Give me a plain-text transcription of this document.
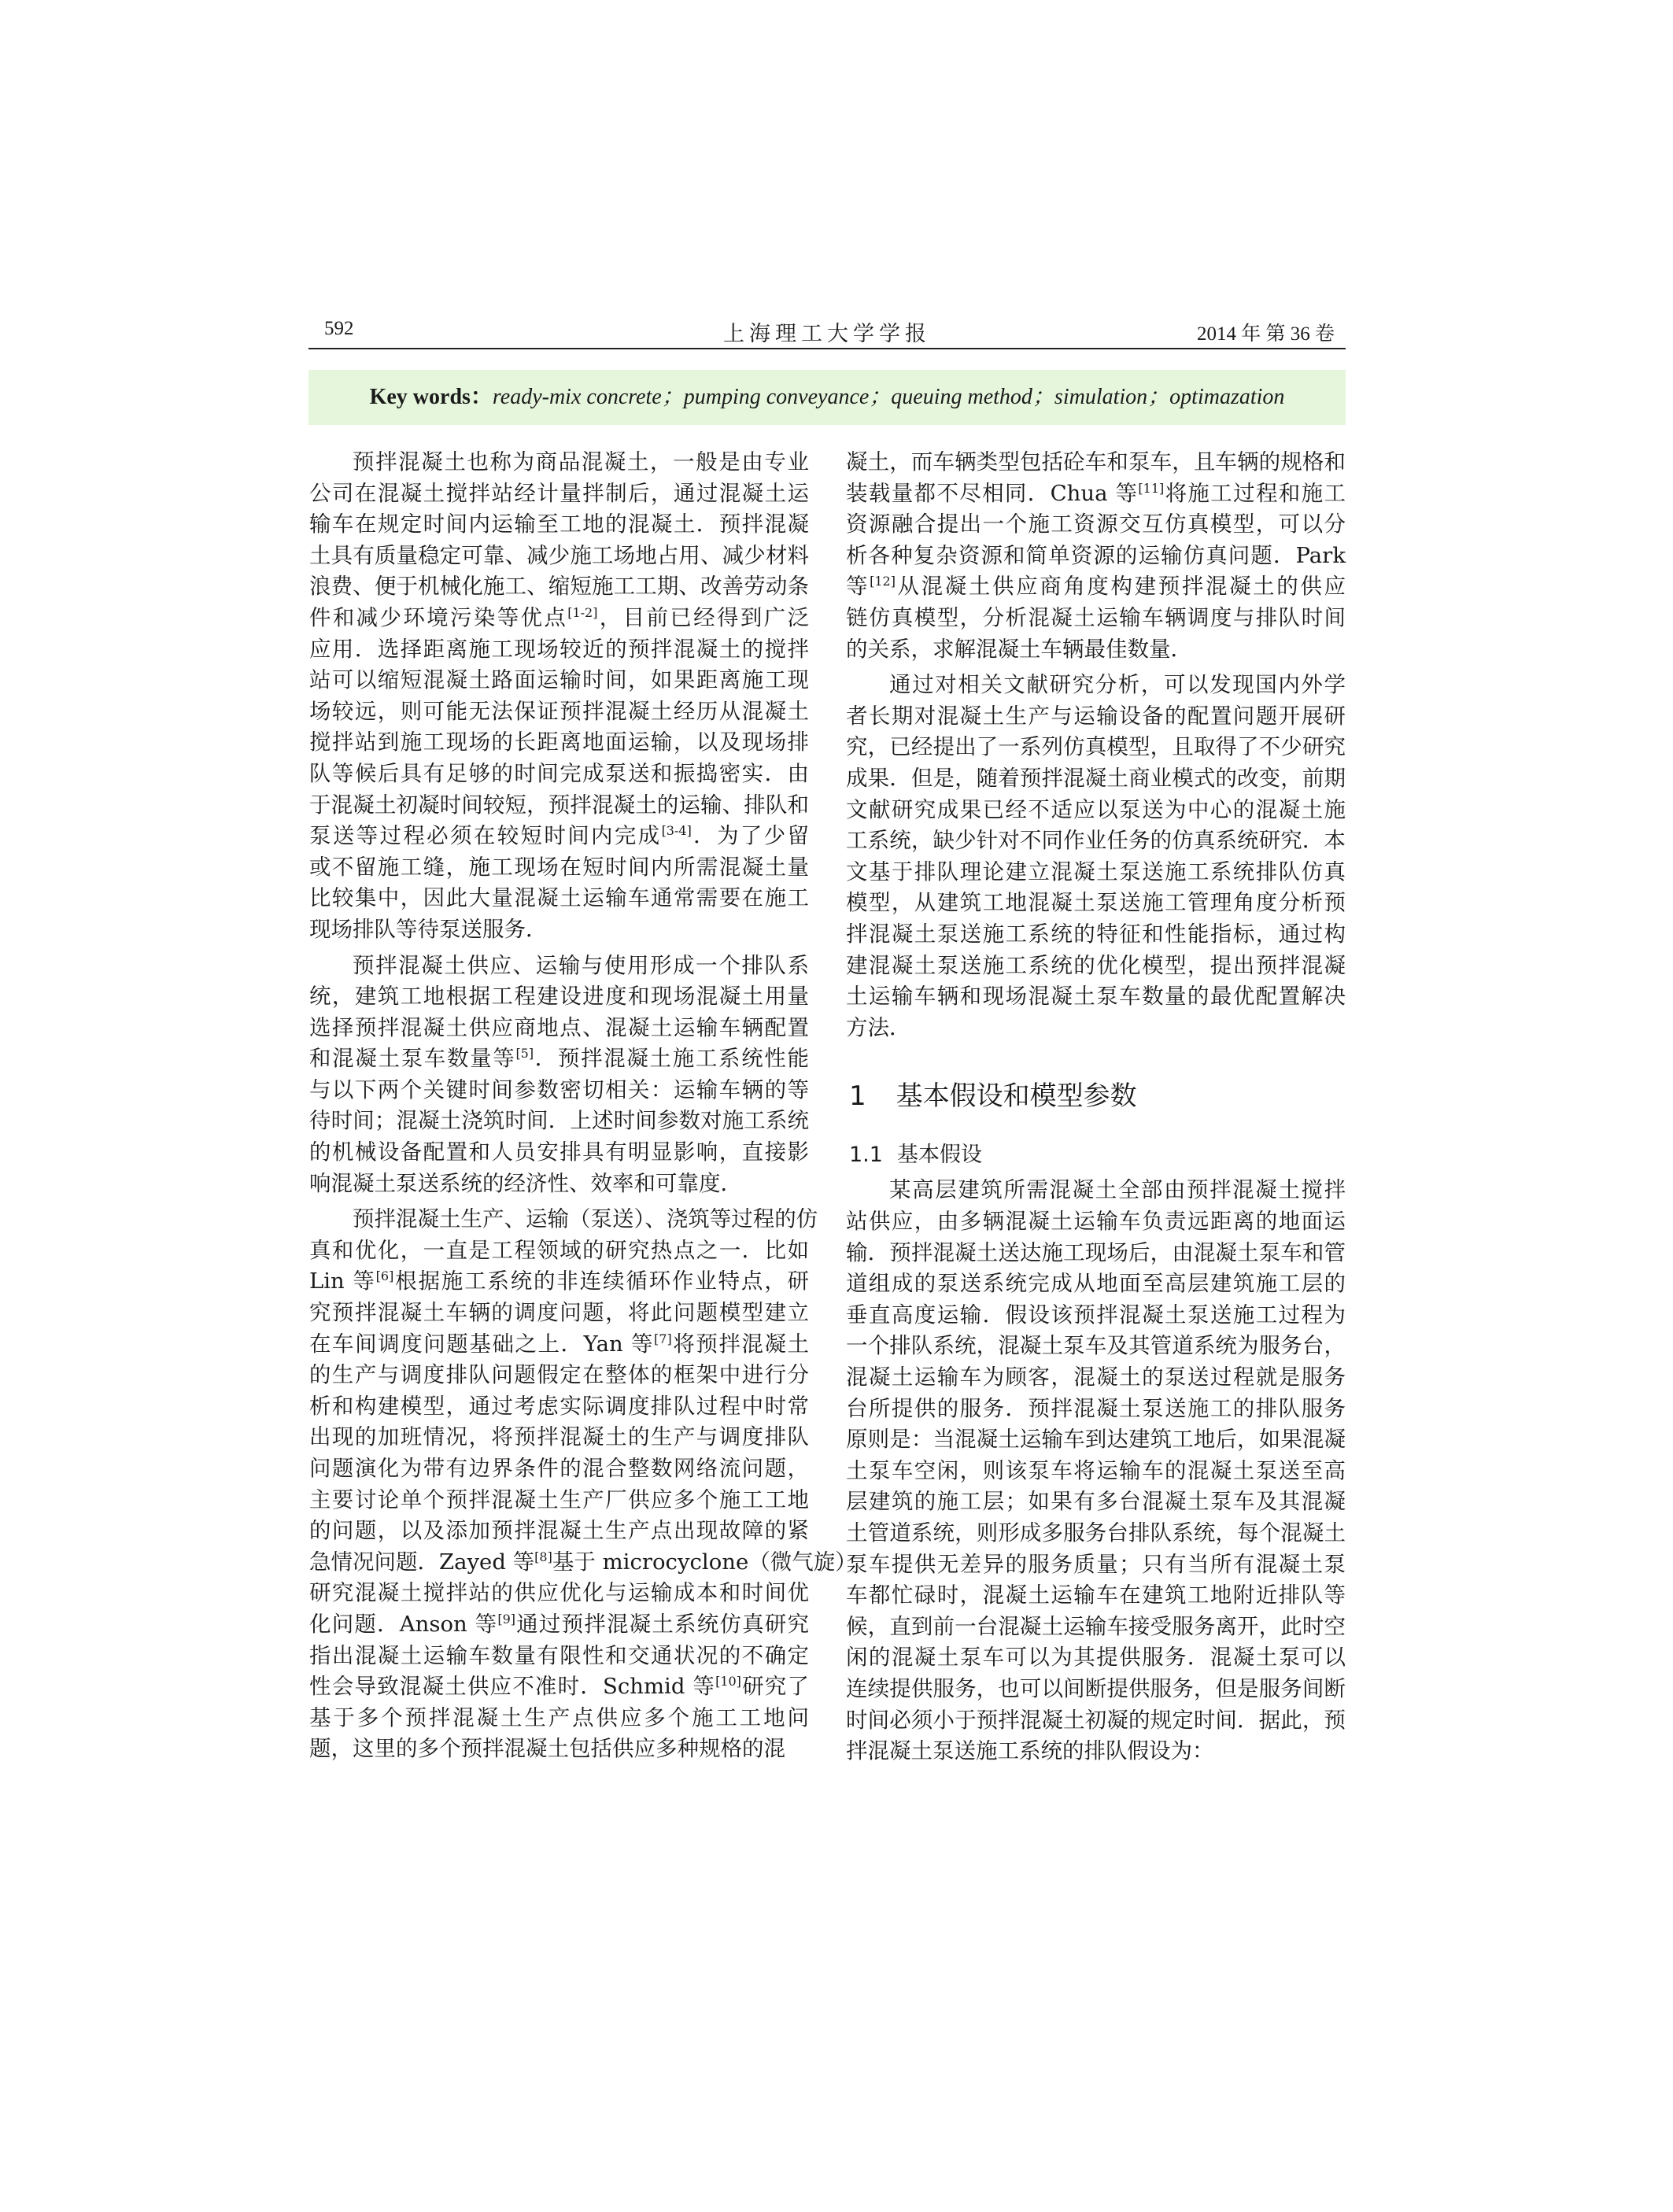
592	上海理工大学学报	2014 年 第 36 卷
Key words：ready-mix concrete；pumping conveyance；queuing method；simulation；optimazation

预拌混凝土也称为商品混凝土，一般是由专业
公司在混凝土搅拌站经计量拌制后，通过混凝土运
输车在规定时间内运输至工地的混凝土．预拌混凝
土具有质量稳定可靠、减少施工场地占用、减少材料
浪费、便于机械化施工、缩短施工工期、改善劳动条
件和减少环境污染等优点[1-2]，目前已经得到广泛
应用．选择距离施工现场较近的预拌混凝土的搅拌
站可以缩短混凝土路面运输时间，如果距离施工现
场较远，则可能无法保证预拌混凝土经历从混凝土
搅拌站到施工现场的长距离地面运输，以及现场排
队等候后具有足够的时间完成泵送和振捣密实．由
于混凝土初凝时间较短，预拌混凝土的运输、排队和
泵送等过程必须在较短时间内完成[3-4]．为了少留
或不留施工缝，施工现场在短时间内所需混凝土量
比较集中，因此大量混凝土运输车通常需要在施工
现场排队等待泵送服务．

预拌混凝土供应、运输与使用形成一个排队系
统，建筑工地根据工程建设进度和现场混凝土用量
选择预拌混凝土供应商地点、混凝土运输车辆配置
和混凝土泵车数量等[5]．预拌混凝土施工系统性能
与以下两个关键时间参数密切相关：运输车辆的等
待时间；混凝土浇筑时间．上述时间参数对施工系统
的机械设备配置和人员安排具有明显影响，直接影
响混凝土泵送系统的经济性、效率和可靠度．

预拌混凝土生产、运输（泵送）、浇筑等过程的仿
真和优化，一直是工程领域的研究热点之一．比如
Lin 等[6]根据施工系统的非连续循环作业特点，研
究预拌混凝土车辆的调度问题，将此问题模型建立
在车间调度问题基础之上．Yan 等[7]将预拌混凝土
的生产与调度排队问题假定在整体的框架中进行分
析和构建模型，通过考虑实际调度排队过程中时常
出现的加班情况，将预拌混凝土的生产与调度排队
问题演化为带有边界条件的混合整数网络流问题，
主要讨论单个预拌混凝土生产厂供应多个施工工地
的问题，以及添加预拌混凝土生产点出现故障的紧
急情况问题．Zayed 等[8]基于 microcyclone（微气旋）
研究混凝土搅拌站的供应优化与运输成本和时间优
化问题．Anson 等[9]通过预拌混凝土系统仿真研究
指出混凝土运输车数量有限性和交通状况的不确定
性会导致混凝土供应不准时．Schmid 等[10]研究了
基于多个预拌混凝土生产点供应多个施工工地问
题，这里的多个预拌混凝土包括供应多种规格的混

凝土，而车辆类型包括砼车和泵车，且车辆的规格和
装载量都不尽相同．Chua 等[11]将施工过程和施工
资源融合提出一个施工资源交互仿真模型，可以分
析各种复杂资源和简单资源的运输仿真问题．Park
等[12]从混凝土供应商角度构建预拌混凝土的供应
链仿真模型，分析混凝土运输车辆调度与排队时间
的关系，求解混凝土车辆最佳数量．

通过对相关文献研究分析，可以发现国内外学
者长期对混凝土生产与运输设备的配置问题开展研
究，已经提出了一系列仿真模型，且取得了不少研究
成果．但是，随着预拌混凝土商业模式的改变，前期
文献研究成果已经不适应以泵送为中心的混凝土施
工系统，缺少针对不同作业任务的仿真系统研究．本
文基于排队理论建立混凝土泵送施工系统排队仿真
模型，从建筑工地混凝土泵送施工管理角度分析预
拌混凝土泵送施工系统的特征和性能指标，通过构
建混凝土泵送施工系统的优化模型，提出预拌混凝
土运输车辆和现场混凝土泵车数量的最优配置解决
方法．

1 基本假设和模型参数
1.1 基本假设

某高层建筑所需混凝土全部由预拌混凝土搅拌
站供应，由多辆混凝土运输车负责远距离的地面运
输．预拌混凝土送达施工现场后，由混凝土泵车和管
道组成的泵送系统完成从地面至高层建筑施工层的
垂直高度运输．假设该预拌混凝土泵送施工过程为
一个排队系统，混凝土泵车及其管道系统为服务台，
混凝土运输车为顾客，混凝土的泵送过程就是服务
台所提供的服务．预拌混凝土泵送施工的排队服务
原则是：当混凝土运输车到达建筑工地后，如果混凝
土泵车空闲，则该泵车将运输车的混凝土泵送至高
层建筑的施工层；如果有多台混凝土泵车及其混凝
土管道系统，则形成多服务台排队系统，每个混凝土
泵车提供无差异的服务质量；只有当所有混凝土泵
车都忙碌时，混凝土运输车在建筑工地附近排队等
候，直到前一台混凝土运输车接受服务离开，此时空
闲的混凝土泵车可以为其提供服务．混凝土泵可以
连续提供服务，也可以间断提供服务，但是服务间断
时间必须小于预拌混凝土初凝的规定时间．据此，预
拌混凝土泵送施工系统的排队假设为：
